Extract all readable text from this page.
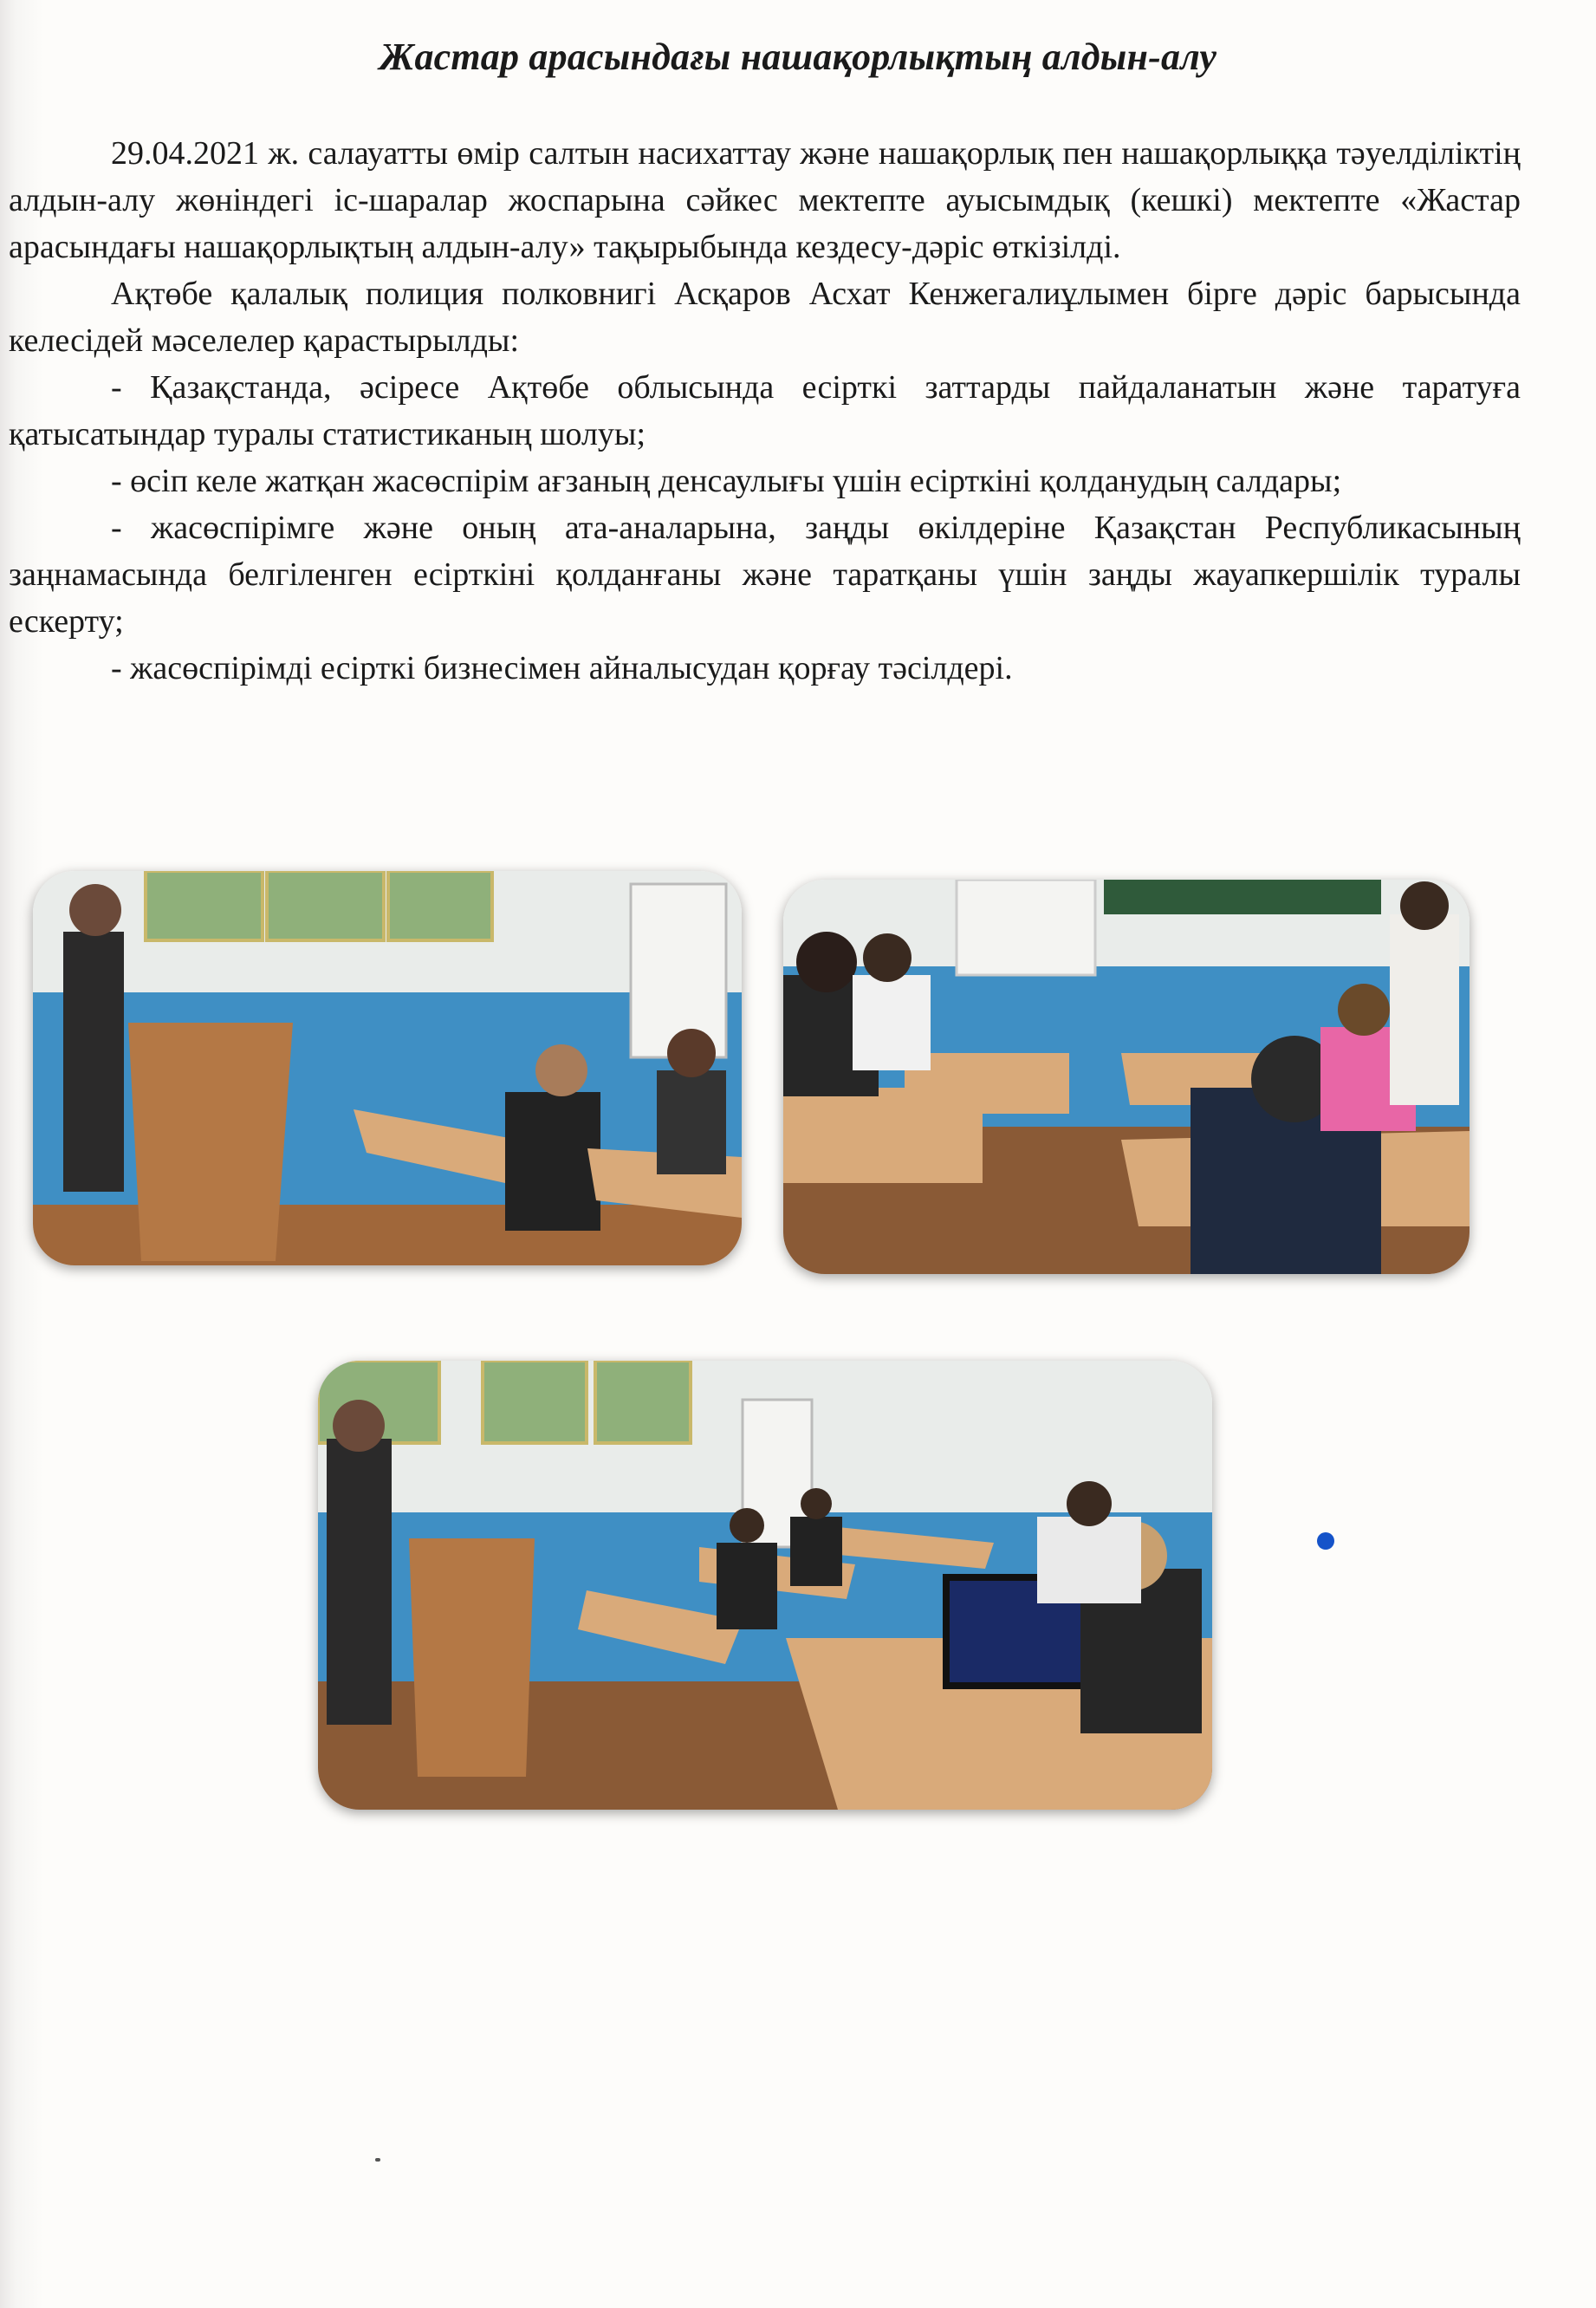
Жастар арасындағы нашақорлықтың алдын-алу

29.04.2021 ж. салауатты өмір салтын насихаттау және нашақорлық пен нашақорлыққа тәуелділіктің алдын-алу жөніндегі іс-шаралар жоспарына сәйкес мектепте ауысымдық (кешкі) мектепте «Жастар арасындағы нашақорлықтың алдын-алу» тақырыбында кездесу-дәріс өткізілді.

Ақтөбе қалалық полиция полковнигі Асқаров Асхат Кенжегалиұлымен бірге дәріс барысында келесідей мәселелер қарастырылды:

- Қазақстанда, әсіресе Ақтөбе облысында есірткі заттарды пайдаланатын және таратуға қатысатындар туралы статистиканың шолуы;

- өсіп келе жатқан жасөспірім ағзаның денсаулығы үшін есірткіні қолданудың салдары;

- жасөспірімге және оның ата-аналарына, заңды өкілдеріне Қазақстан Республикасының заңнамасында белгіленген есірткіні қолданғаны және таратқаны үшін заңды жауапкершілік туралы ескерту;

- жасөспірімді есірткі бизнесімен айналысудан қорғау тәсілдері.
